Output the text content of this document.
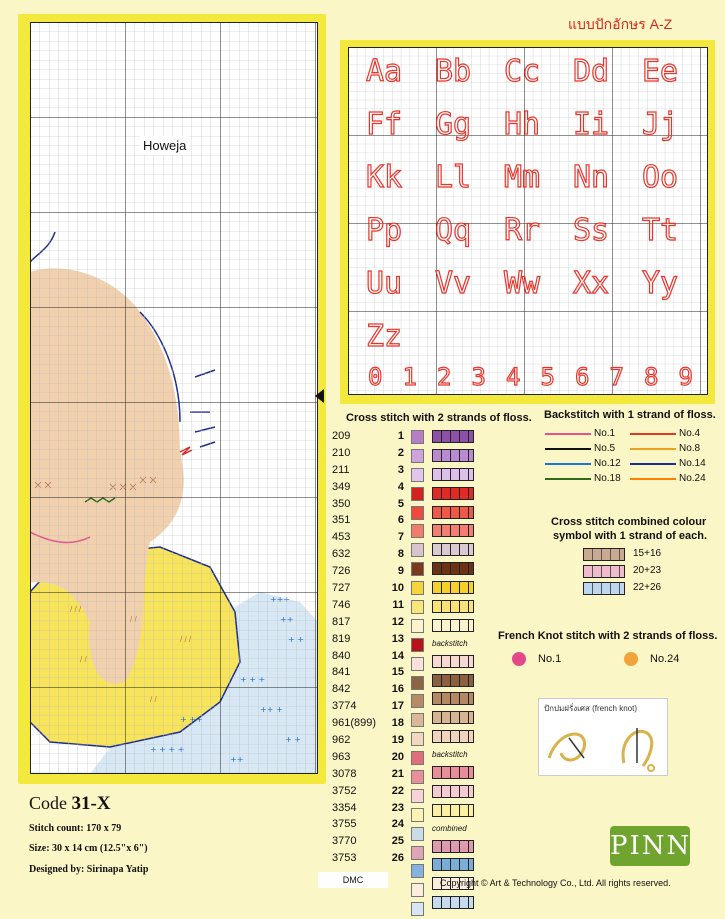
แบบปักอักษร A-Z
Howeja
Aa Bb Cc Dd Ee
Ff Gg Hh Ii Jj
Kk Ll Mm Nn Oo
Pp Qq Rr Ss Tt
Uu Vv Ww Xx Yy
Zz
0 1 2 3 4 5 6 7 8 9
Cross stitch with 2 strands of floss.
209
210
211
349
350
351
453
632
726
727
746
817
819
840
841
842
3774
961(899)
962
963
3078
3752
3354
3755
3770
3753
1
2
3
4
5
6
7
8
9
10
11
12
13
14
15
16
17
18
19
20
21
22
23
24
25
26
backstitch
backstitch
combined
Backstitch with 1 strand of floss.
No.1
No.5
No.12
No.18
No.4
No.8
No.14
No.24
Cross stitch combined colour
symbol with 1 strand of each.
15+16
20+23
22+26
French Knot stitch with 2 strands of floss.
No.1	No.24
ปักปมฝรั่งเศส (french knot)
Code 31-X
Stitch count: 170 x 79
Size: 30 x 14 cm (12.5"x 6")
Designed by: Sirinapa Yatip
DMC	Copyright © Art & Technology Co., Ltd. All rights reserved.
PINN
